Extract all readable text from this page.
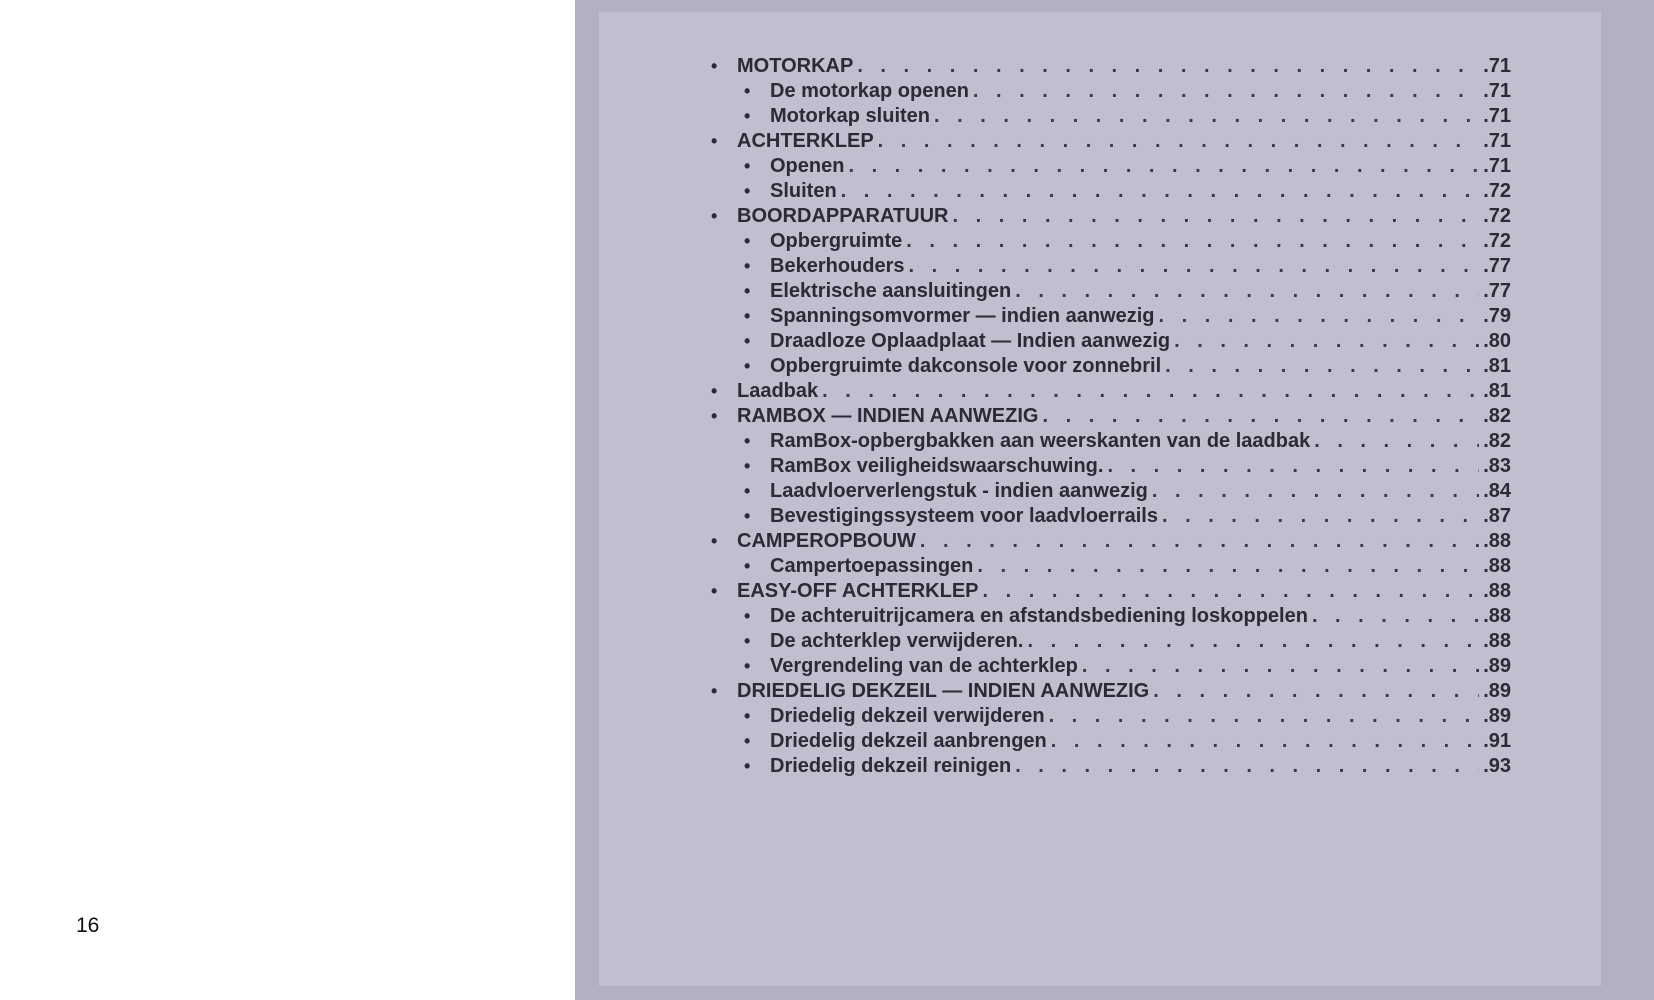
• MOTORKAP . . .	.71
• De motorkap openen . . .	.71
• Motorkap sluiten . . .	.71
• ACHTERKLEP . . .	.71
• Openen . . .	.71
• Sluiten . . .	.72
• BOORDAPPARATUUR . . .	.72
• Opbergruimte . . .	.72
• Bekerhouders . . .	.77
• Elektrische aansluitingen . . .	.77
• Spanningsomvormer — indien aanwezig . . .	.79
• Draadloze Oplaadplaat — Indien aanwezig . . .	.80
• Opbergruimte dakconsole voor zonnebril . . .	.81
• Laadbak . . .	.81
• RAMBOX — INDIEN AANWEZIG . . .	.82
• RamBox-opbergbakken aan weerskanten van de laadbak . . .	.82
• RamBox veiligheidswaarschuwing. . . .	.83
• Laadvloerverlengstuk - indien aanwezig . . .	.84
• Bevestigingssysteem voor laadvloerrails . . .	.87
• CAMPEROPBOUW . . .	.88
• Campertoepassingen . . .	.88
• EASY-OFF ACHTERKLEP . . .	.88
• De achteruitrijcamera en afstandsbediening loskoppelen . . .	.88
• De achterklep verwijderen. . . .	.88
• Vergrendeling van de achterklep . . .	.89
• DRIEDELIG DEKZEIL — INDIEN AANWEZIG . . .	.89
• Driedelig dekzeil verwijderen . . .	.89
• Driedelig dekzeil aanbrengen . . .	.91
• Driedelig dekzeil reinigen . . .	.93
16
